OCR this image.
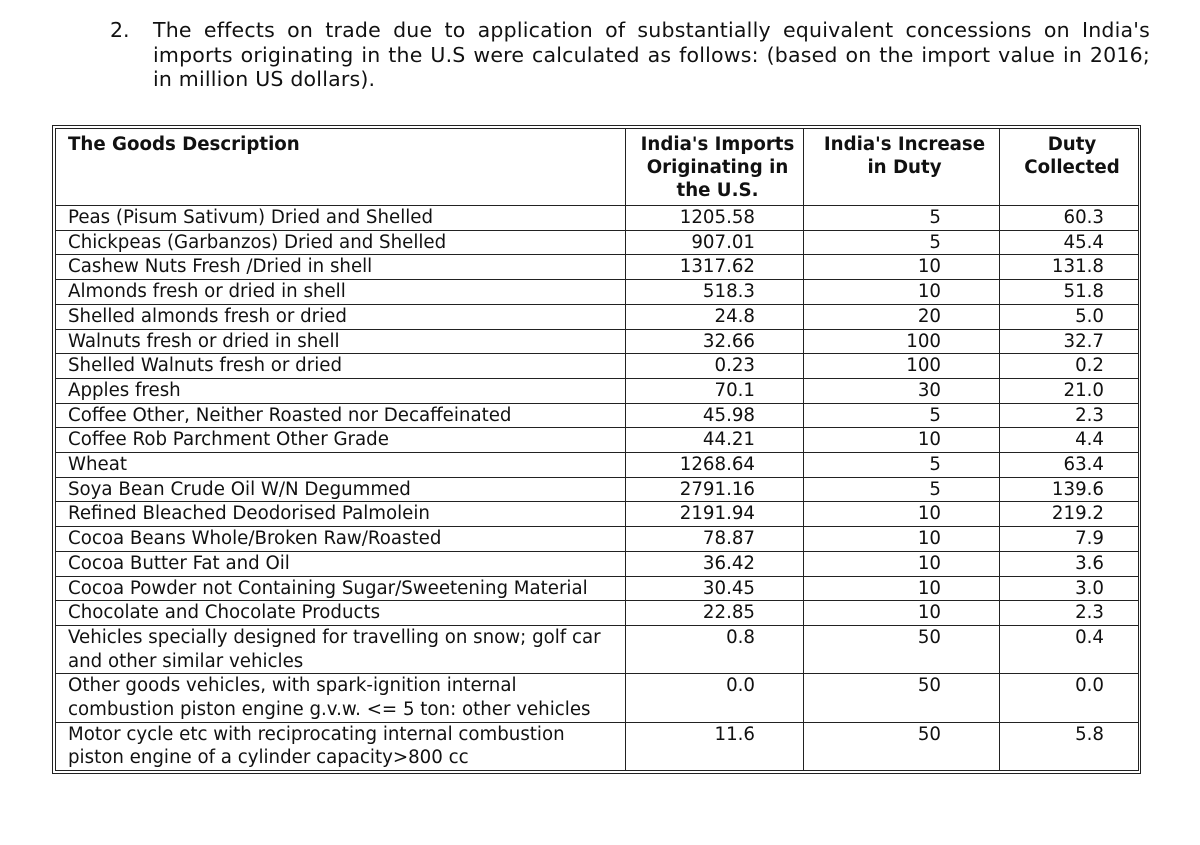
2. The effects on trade due to application of substantially equivalent concessions on India's imports originating in the U.S were calculated as follows: (based on the import value in 2016; in million US dollars).
The Goods Description	India's Imports Originating in the U.S.	India's Increase in Duty	Duty Collected
Peas (Pisum Sativum) Dried and Shelled	1205.58	5	60.3
Chickpeas (Garbanzos) Dried and Shelled	907.01	5	45.4
Cashew Nuts Fresh /Dried in shell	1317.62	10	131.8
Almonds fresh or dried in shell	518.3	10	51.8
Shelled almonds fresh or dried	24.8	20	5.0
Walnuts fresh or dried in shell	32.66	100	32.7
Shelled Walnuts fresh or dried	0.23	100	0.2
Apples fresh	70.1	30	21.0
Coffee Other, Neither Roasted nor Decaffeinated	45.98	5	2.3
Coffee Rob Parchment Other Grade	44.21	10	4.4
Wheat	1268.64	5	63.4
Soya Bean Crude Oil W/N Degummed	2791.16	5	139.6
Refined Bleached Deodorised Palmolein	2191.94	10	219.2
Cocoa Beans Whole/Broken Raw/Roasted	78.87	10	7.9
Cocoa Butter Fat and Oil	36.42	10	3.6
Cocoa Powder not Containing Sugar/Sweetening Material	30.45	10	3.0
Chocolate and Chocolate Products	22.85	10	2.3
Vehicles specially designed for travelling on snow; golf car and other similar vehicles	0.8	50	0.4
Other goods vehicles, with spark-ignition internal combustion piston engine g.v.w. <= 5 ton: other vehicles	0.0	50	0.0
Motor cycle etc with reciprocating internal combustion piston engine of a cylinder capacity>800 cc	11.6	50	5.8
